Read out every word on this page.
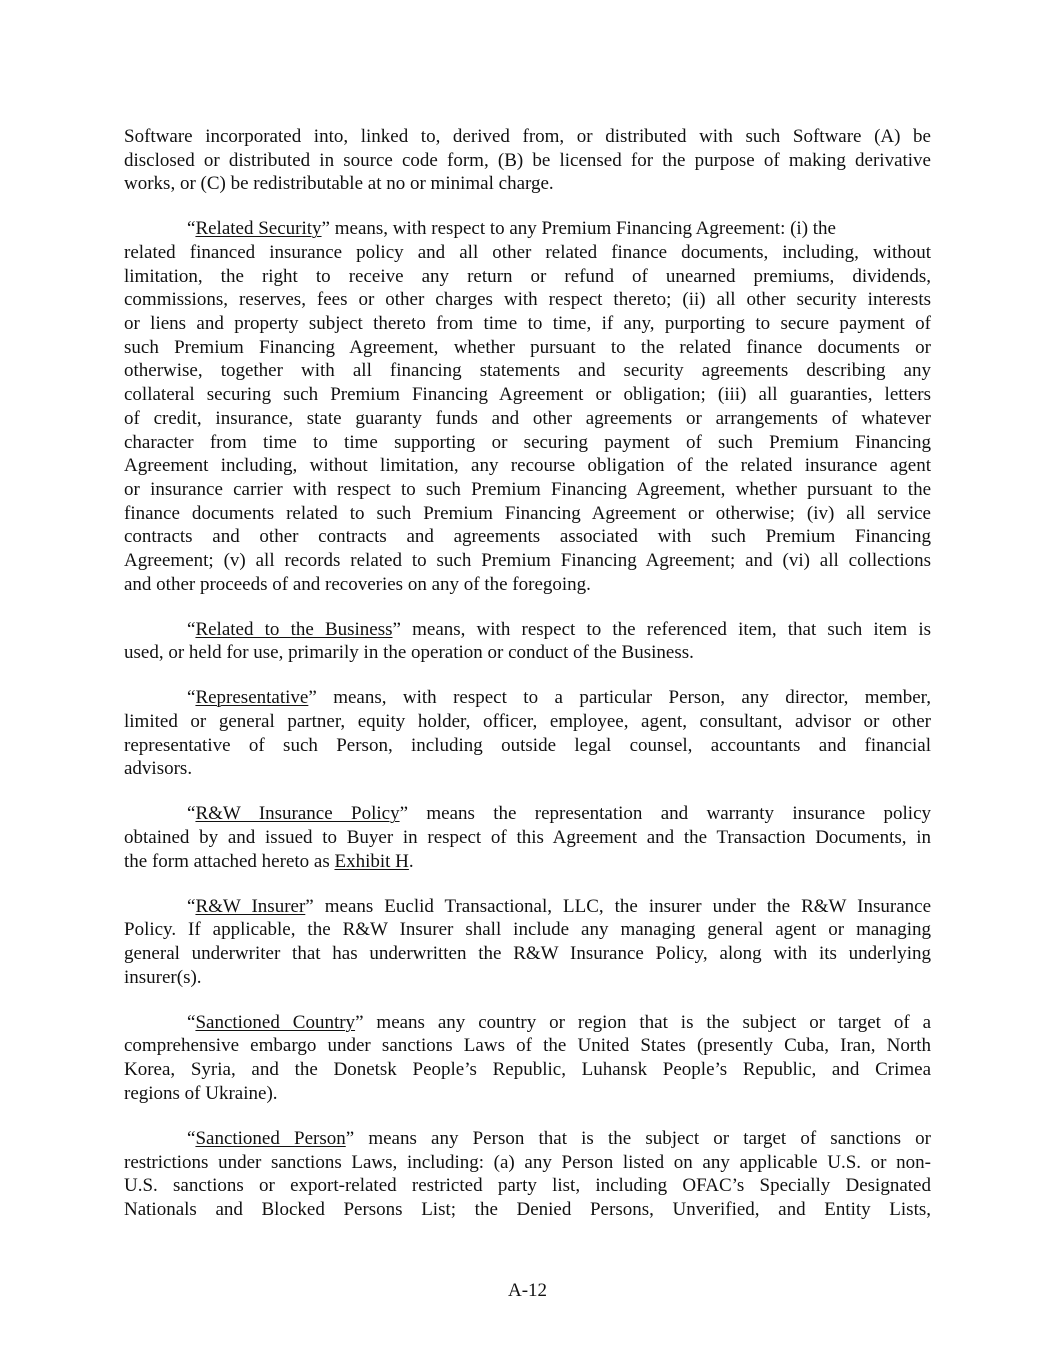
Software incorporated into, linked to, derived from, or distributed with such Software (A) be
disclosed or distributed in source code form, (B) be licensed for the purpose of making derivative
works, or (C) be redistributable at no or minimal charge.
“Related Security” means, with respect to any Premium Financing Agreement: (i) the
related financed insurance policy and all other related finance documents, including, without
limitation, the right to receive any return or refund of unearned premiums, dividends,
commissions, reserves, fees or other charges with respect thereto; (ii) all other security interests
or liens and property subject thereto from time to time, if any, purporting to secure payment of
such Premium Financing Agreement, whether pursuant to the related finance documents or
otherwise, together with all financing statements and security agreements describing any
collateral securing such Premium Financing Agreement or obligation; (iii) all guaranties, letters
of credit, insurance, state guaranty funds and other agreements or arrangements of whatever
character from time to time supporting or securing payment of such Premium Financing
Agreement including, without limitation, any recourse obligation of the related insurance agent
or insurance carrier with respect to such Premium Financing Agreement, whether pursuant to the
finance documents related to such Premium Financing Agreement or otherwise; (iv) all service
contracts and other contracts and agreements associated with such Premium Financing
Agreement; (v) all records related to such Premium Financing Agreement; and (vi) all collections
and other proceeds of and recoveries on any of the foregoing.
“Related to the Business” means, with respect to the referenced item, that such item is
used, or held for use, primarily in the operation or conduct of the Business.
“Representative” means, with respect to a particular Person, any director, member,
limited or general partner, equity holder, officer, employee, agent, consultant, advisor or other
representative of such Person, including outside legal counsel, accountants and financial
advisors.
“R&W Insurance Policy” means the representation and warranty insurance policy
obtained by and issued to Buyer in respect of this Agreement and the Transaction Documents, in
the form attached hereto as Exhibit H.
“R&W Insurer” means Euclid Transactional, LLC, the insurer under the R&W Insurance
Policy. If applicable, the R&W Insurer shall include any managing general agent or managing
general underwriter that has underwritten the R&W Insurance Policy, along with its underlying
insurer(s).
“Sanctioned Country” means any country or region that is the subject or target of a
comprehensive embargo under sanctions Laws of the United States (presently Cuba, Iran, North
Korea, Syria, and the Donetsk People’s Republic, Luhansk People’s Republic, and Crimea
regions of Ukraine).
“Sanctioned Person” means any Person that is the subject or target of sanctions or
restrictions under sanctions Laws, including: (a) any Person listed on any applicable U.S. or non-
U.S. sanctions or export-related restricted party list, including OFAC’s Specially Designated
Nationals and Blocked Persons List; the Denied Persons, Unverified, and Entity Lists,
A-12
